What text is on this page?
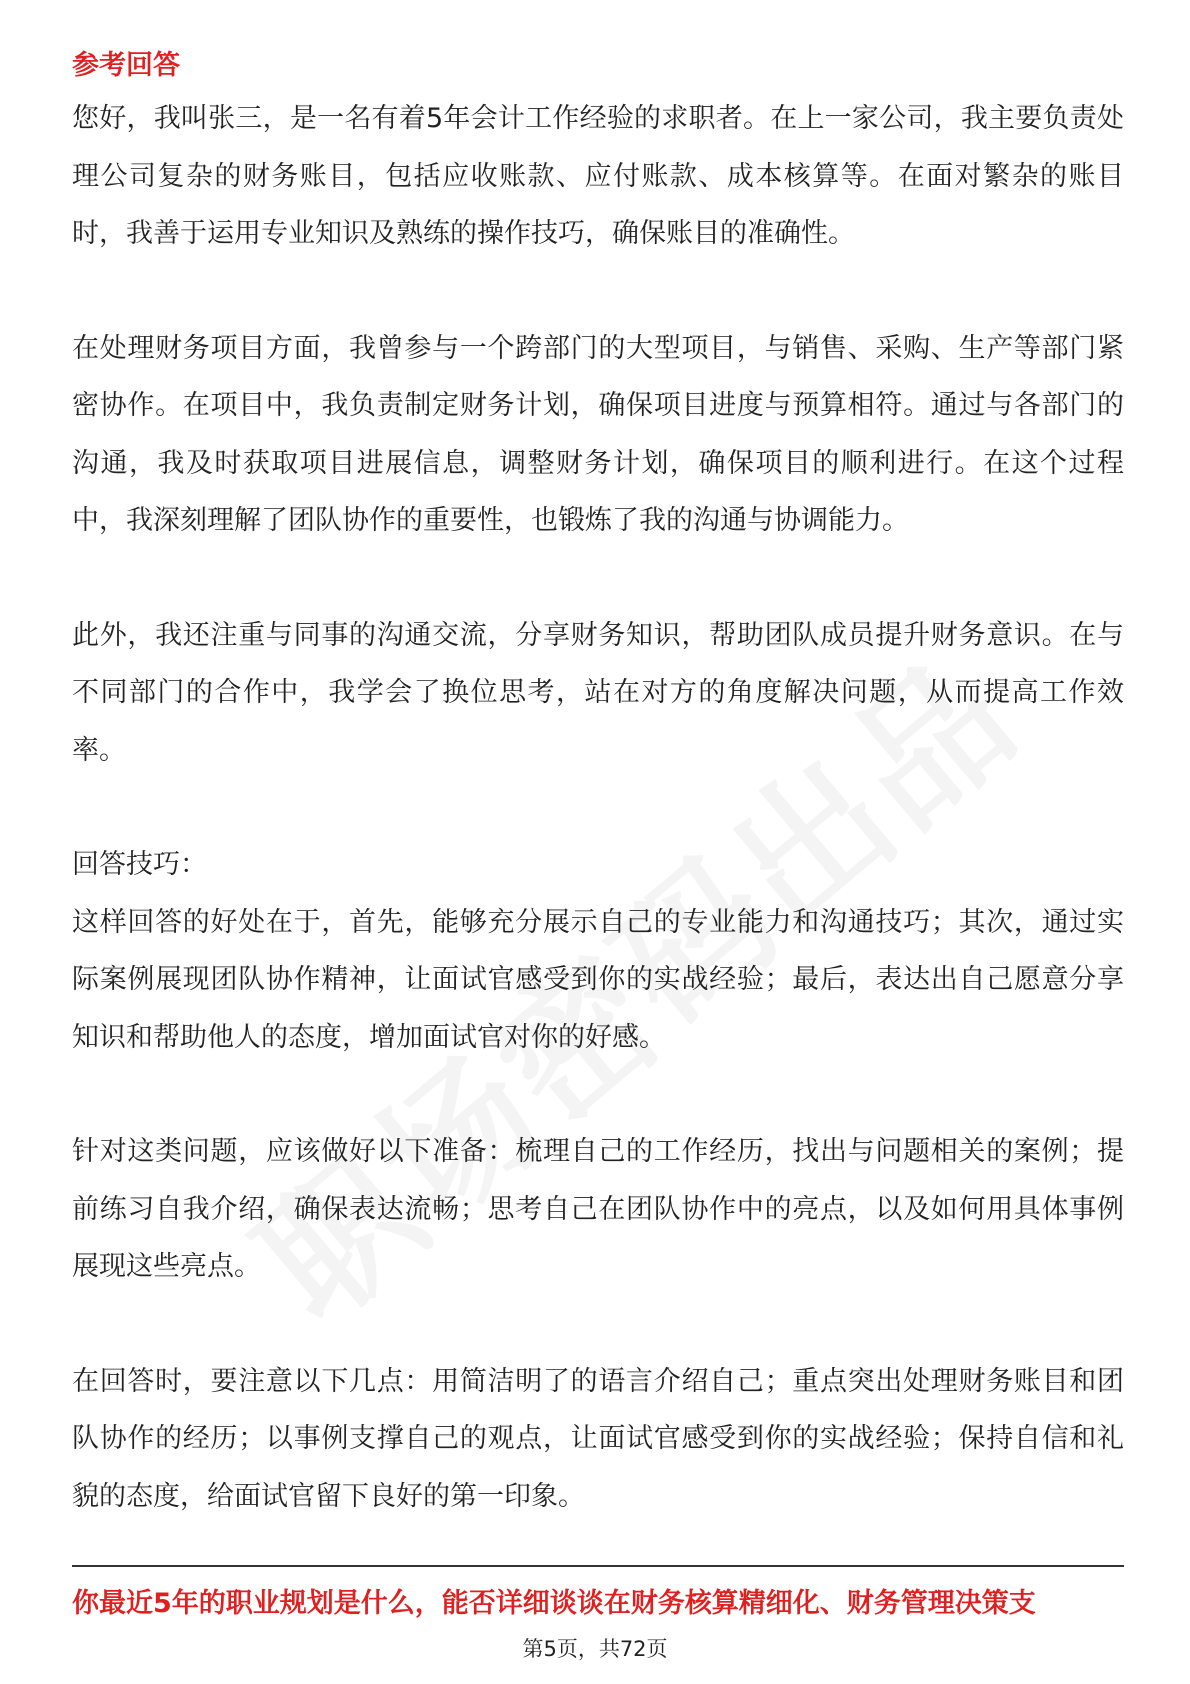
参考回答

您好，我叫张三，是一名有着5年会计工作经验的求职者。在上一家公司，我主要负责处理公司复杂的财务账目，包括应收账款、应付账款、成本核算等。在面对繁杂的账目时，我善于运用专业知识及熟练的操作技巧，确保账目的准确性。

在处理财务项目方面，我曾参与一个跨部门的大型项目，与销售、采购、生产等部门紧密协作。在项目中，我负责制定财务计划，确保项目进度与预算相符。通过与各部门的沟通，我及时获取项目进展信息，调整财务计划，确保项目的顺利进行。在这个过程中，我深刻理解了团队协作的重要性，也锻炼了我的沟通与协调能力。

此外，我还注重与同事的沟通交流，分享财务知识，帮助团队成员提升财务意识。在与不同部门的合作中，我学会了换位思考，站在对方的角度解决问题，从而提高工作效率。

回答技巧：

这样回答的好处在于，首先，能够充分展示自己的专业能力和沟通技巧；其次，通过实际案例展现团队协作精神，让面试官感受到你的实战经验；最后，表达出自己愿意分享知识和帮助他人的态度，增加面试官对你的好感。

针对这类问题，应该做好以下准备：梳理自己的工作经历，找出与问题相关的案例；提前练习自我介绍，确保表达流畅；思考自己在团队协作中的亮点，以及如何用具体事例展现这些亮点。

在回答时，要注意以下几点：用简洁明了的语言介绍自己；重点突出处理财务账目和团队协作的经历；以事例支撑自己的观点，让面试官感受到你的实战经验；保持自信和礼貌的态度，给面试官留下良好的第一印象。

你最近5年的职业规划是什么，能否详细谈谈在财务核算精细化、财务管理决策支
第5页，共72页
